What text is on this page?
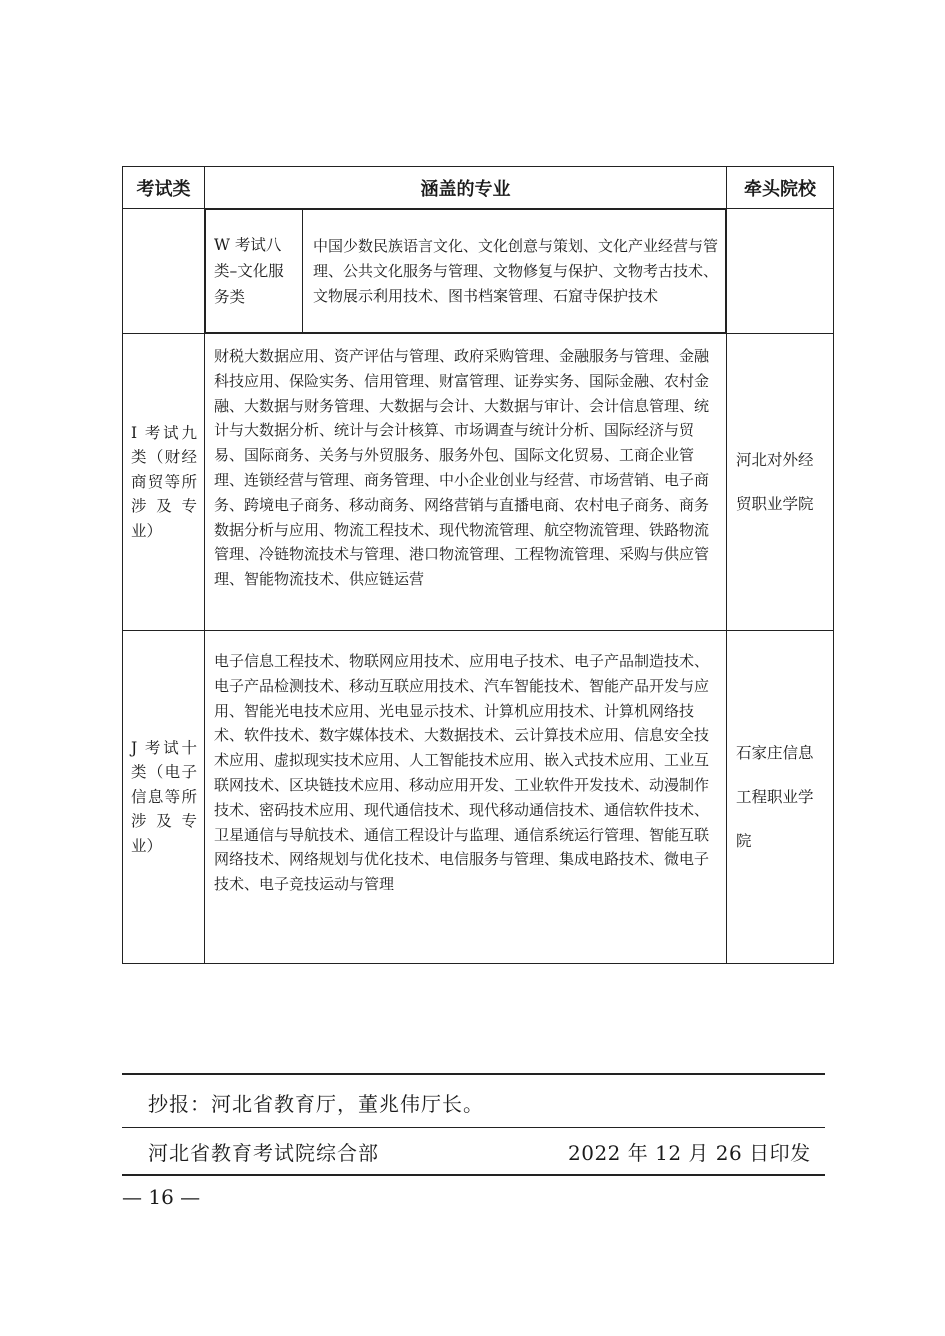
考试类	涵盖的专业	牵头院校

W 考试八类–文化服务类	中国少数民族语言文化、文化创意与策划、文化产业经营与管理、公共文化服务与管理、文物修复与保护、文物考古技术、文物展示利用技术、图书档案管理、石窟寺保护技术

I 考试九类（财经商贸等所涉及专业）	财税大数据应用、资产评估与管理、政府采购管理、金融服务与管理、金融科技应用、保险实务、信用管理、财富管理、证券实务、国际金融、农村金融、大数据与财务管理、大数据与会计、大数据与审计、会计信息管理、统计与大数据分析、统计与会计核算、市场调查与统计分析、国际经济与贸易、国际商务、关务与外贸服务、服务外包、国际文化贸易、工商企业管理、连锁经营与管理、商务管理、中小企业创业与经营、市场营销、电子商务、跨境电子商务、移动商务、网络营销与直播电商、农村电子商务、商务数据分析与应用、物流工程技术、现代物流管理、航空物流管理、铁路物流管理、冷链物流技术与管理、港口物流管理、工程物流管理、采购与供应管理、智能物流技术、供应链运营	河北对外经贸职业学院
J 考试十类（电子信息等所涉及专业）	电子信息工程技术、物联网应用技术、应用电子技术、电子产品制造技术、电子产品检测技术、移动互联应用技术、汽车智能技术、智能产品开发与应用、智能光电技术应用、光电显示技术、计算机应用技术、计算机网络技术、软件技术、数字媒体技术、大数据技术、云计算技术应用、信息安全技术应用、虚拟现实技术应用、人工智能技术应用、嵌入式技术应用、工业互联网技术、区块链技术应用、移动应用开发、工业软件开发技术、动漫制作技术、密码技术应用、现代通信技术、现代移动通信技术、通信软件技术、卫星通信与导航技术、通信工程设计与监理、通信系统运行管理、智能互联网络技术、网络规划与优化技术、电信服务与管理、集成电路技术、微电子技术、电子竞技运动与管理	石家庄信息工程职业学院
抄报：河北省教育厅，董兆伟厅长。
河北省教育考试院综合部	2022 年 12 月 26 日印发
— 16 —
